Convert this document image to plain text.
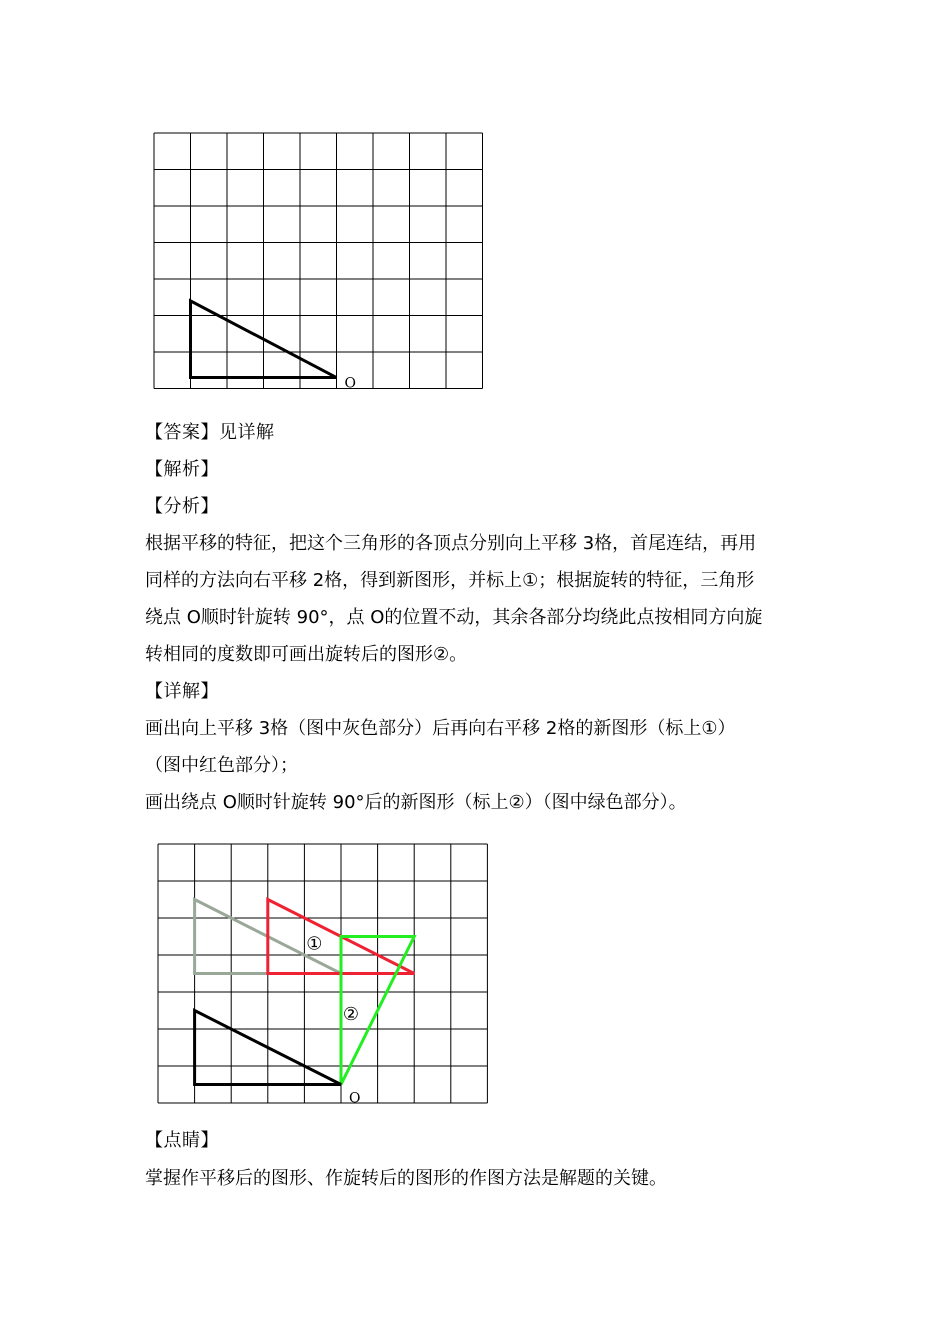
O
【答案】见详解
【解析】
【分析】
根据平移的特征，把这个三角形的各顶点分别向上平移 3格，首尾连结，再用
同样的方法向右平移 2格，得到新图形，并标上①；根据旋转的特征，三角形
绕点 O顺时针旋转 90°，点 O的位置不动，其余各部分均绕此点按相同方向旋
转相同的度数即可画出旋转后的图形②。
【详解】
画出向上平移 3格（图中灰色部分）后再向右平移 2格的新图形（标上①）
（图中红色部分）；
画出绕点 O顺时针旋转 90°后的新图形（标上②）（图中绿色部分）。
①
②
O
【点睛】
掌握作平移后的图形、作旋转后的图形的作图方法是解题的关键。
